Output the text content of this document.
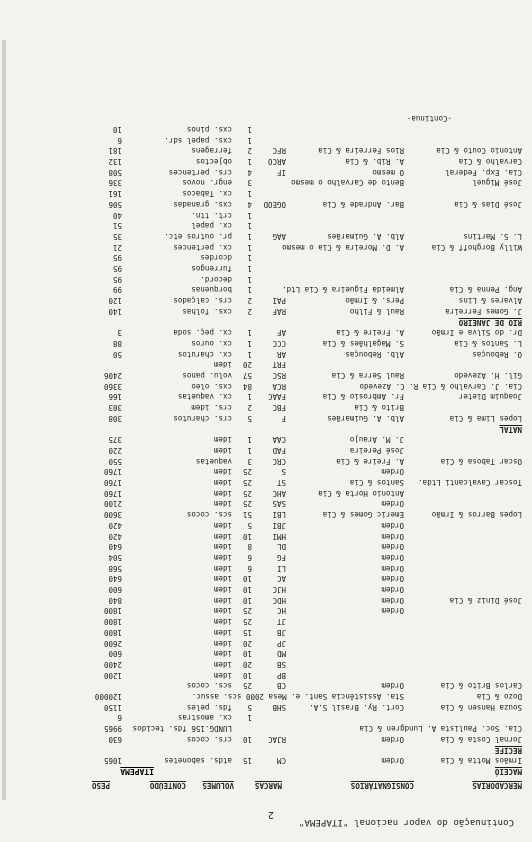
2
Continuação do vapor nacional "ITAPEMA"
MERCADORIAS
CONSIGNATÁRIOS
MARCAS
VOLUMES
CONTEÚDO
PESO
MACEIÓ
Irmãos Motta & Cia
Ordem
CM
15
atds. sabonetes
1065
RECIFE
Jornal Costa & Cia
Ordem
RJAC
10
crs. cocos
630
Cia. Soc. Paulista A. Lundgren & Cia
LUNDG.156 fds. tecidos
9965
1
cx. amostras
6
Souza Hansen & Cia
Cort. Ry. Brasil S.A.
SHB
5
fds. peles
1150
Dozo & Cia
Sta. Assistência Sant. e. Mesa 2000 scs. assuc.
120000
Carlos Brito & Cia
Ordem
CB
25
scs. cocos
BP
10
idem
1200
SB
20
idem
2400
MD
10
idem
600
JP
20
idem
2600
JB
15
idem
1800
JT
25
idem
1800
Ordem
HC
25
idem
1800
José Diniz & Cia
Ordem
HDC
10
idem
840
Ordem
HJC
10
idem
600
Ordem
AC
10
idem
640
Ordem
LI
6
idem
568
Ordem
FG
6
idem
504
Ordem
DL
8
idem
640
Ordem
HMI
10
idem
420
Ordem
JBI
5
idem
420
Lopes Barros & Irmão
Emeric Gomes & Cia
LBI
51
scs. cocos
3600
Ordem
SAS
25
idem
2100
Antonio Horta & Cia
AHC
25
idem
1760
Toscar Cavalcanti Ltda.
Santos & Cia
ST
25
idem
1760
Ordem
S
25
idem
1760
Oscar Tabosa & Cia
A. Freire & Cia
CRC
3
vaquetas
550
José Pereira
FAD
1
idem
220
J. M. Araujo
CAA
1
idem
375
NATAL
Lopes Lima & Cia
Alb. A. Guimarães
F
5
crs. charutos
308
Brito & Cia
FBC
2
crs. idem
303
Joaquim Dieter
Fr. Ambrosio & Cia
FAAC
1
cx. vaquetas
166
Cia. J. Carvalho & Cia R. C. Azevedo
RCA
84
cxs. oleo
3360
Gil. H. Azevedo
Raul Serra & Cia
RSC
57
volu. panos
2406
FRT
20
idem
O. Rebouças
Alb. Rebouças
AR
1
cx. charutos
50
L. Santos & Cia
S. Magalhães & Cia
CCC
1
cx. ouros
88
Dr. do Silva e Irmão
A. Freire & Cia
AF
1
cx. peç. soda
3
RIO DE JANEIRO
J. Gomes Ferreira
Raul & Filho
RAF
2
cxs. folhas
140
Alvares & Lins
Pers. & Irmão
PAI
2
crs. calçados
120
Ang. Penna & Cia
Almeida Figueira & Cia Ltd.
1
borquenas
99
1
decord.
95
1
furrengos
95
1
dcordes
95
Willy Borghoff & Cia
A. D. Moreira & Cia o mesmo
1
cx. pertences
21
L. S. Martins
Alb. A. Guimarães
AAG
1
pr. outros etc.
35
1
cx. papel
51
1
crt. ttn.
40
José Dias & Cia
Bar. Andrade & Cia
OGEOD
4
cxs. granadas
506
1
cx. Tabacos
161
José Miguel
Bento de Carvalho o mesmo
3
engr. novos
336
Cia. Exp. Federal
O mesmo
IF
4
crs. pertences
508
Carvalho & Cia
A. Rib. & Cia
ARCO
1
objectos
132
Antonio Couto & Cia
Rios Ferreira & Cia
RFC
2
ferragens
181
1
cxs. papel sdr.
6
1
cxs. pinos
10
-Continua-
ITAPEMA
